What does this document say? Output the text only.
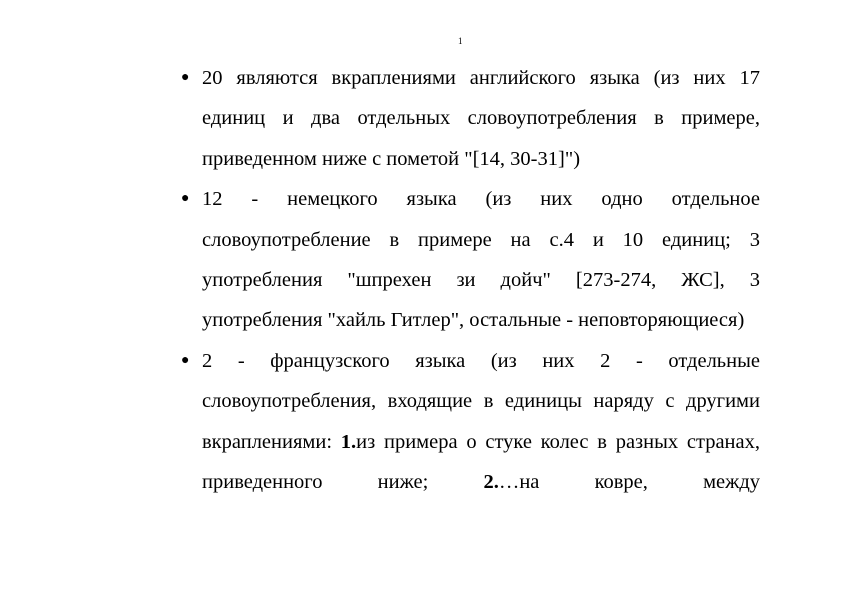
1
● 20 являются вкраплениями английского языка (из них 17 единиц и два отдельных словоупотребления в примере, приведенном ниже с пометой "[14, 30-31]")
● 12 - немецкого языка (из них одно отдельное словоупотребление в примере на с.4 и 10 единиц; 3 употребления "шпрехен зи дойч" [273-274, ЖС], 3 употребления "хайль Гитлер", остальные - неповторяющиеся)
● 2 - французского языка (из них 2 - отдельные словоупотребления, входящие в единицы наряду с другими вкраплениями: 1.из примера о стуке колес в разных странах, приведенного ниже; 2.…на ковре, между
